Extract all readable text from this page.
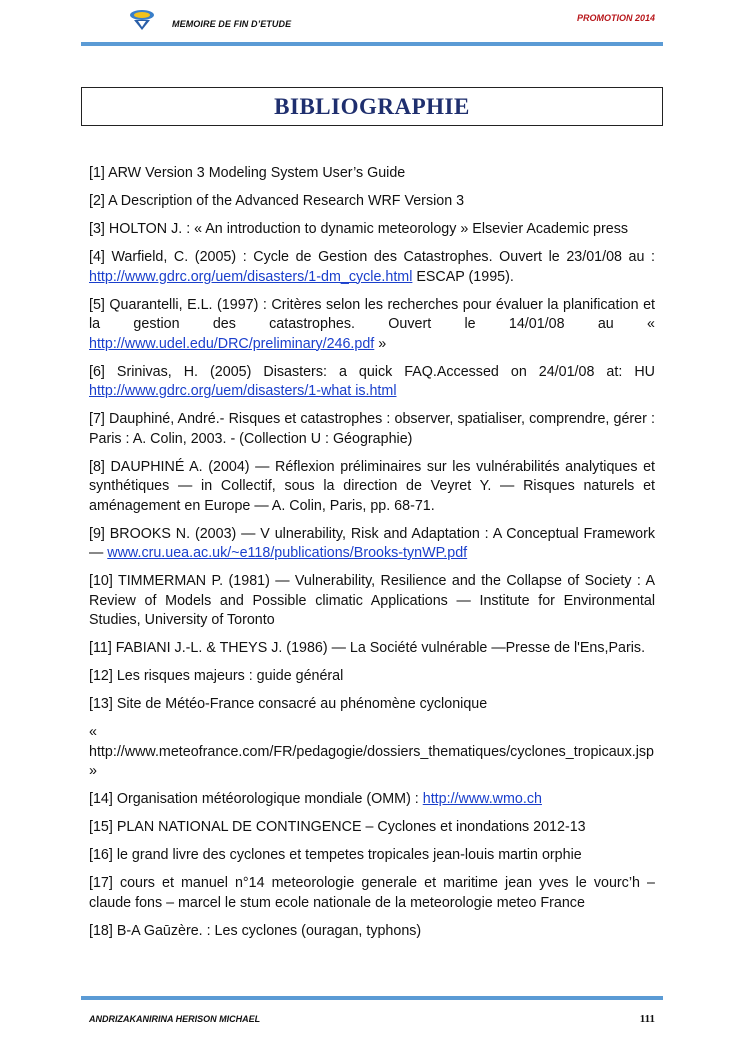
MEMOIRE DE FIN D’ETUDE
PROMOTION 2014
BIBLIOGRAPHIE

[1] ARW Version 3 Modeling System User’s Guide

[2] A Description of the Advanced Research WRF Version 3

[3] HOLTON J. : « An introduction to dynamic meteorology » Elsevier Academic press

[4] Warfield, C. (2005) : Cycle de Gestion des Catastrophes. Ouvert le 23/01/08 au : http://www.gdrc.org/uem/disasters/1-dm_cycle.html ESCAP (1995).

[5] Quarantelli, E.L. (1997) : Critères selon les recherches pour évaluer la planification et la gestion des catastrophes. Ouvert le 14/01/08 au « http://www.udel.edu/DRC/preliminary/246.pdf »

[6] Srinivas, H. (2005) Disasters: a quick FAQ.Accessed on 24/01/08 at: HU http://www.gdrc.org/uem/disasters/1-what is.html

[7] Dauphiné, André.- Risques et catastrophes : observer, spatialiser, comprendre, gérer : Paris : A. Colin, 2003. - (Collection U : Géographie)

[8] DAUPHINÉ A. (2004) — Réflexion préliminaires sur les vulnérabilités analytiques et synthétiques — in Collectif, sous la direction de Veyret Y. — Risques naturels et aménagement en Europe — A. Colin, Paris, pp. 68-71.

[9] BROOKS N. (2003) — V ulnerability, Risk and Adaptation : A Conceptual Framework — www.cru.uea.ac.uk/~e118/publications/Brooks-tynWP.pdf

[10] TIMMERMAN P. (1981) — Vulnerability, Resilience and the Collapse of Society : A Review of Models and Possible climatic Applications — Institute for Environmental Studies, University of Toronto

[11] FABIANI J.-L. & THEYS J. (1986) — La Société vulnérable —Presse de l'Ens,Paris.

[12] Les risques majeurs : guide général

[13] Site de Météo-France consacré au phénomène cyclonique

« http://www.meteofrance.com/FR/pedagogie/dossiers_thematiques/cyclones_tropicaux.jsp »

[14] Organisation météorologique mondiale (OMM) : http://www.wmo.ch

[15] PLAN NATIONAL DE CONTINGENCE – Cyclones et inondations 2012-13

[16] le grand livre des cyclones et tempetes tropicales jean-louis martin orphie

[17] cours et manuel n°14 meteorologie generale et maritime jean yves le vourc’h – claude fons – marcel le stum ecole nationale de la meteorologie meteo France

[18] B-A Gaūzère. : Les cyclones (ouragan, typhons)

ANDRIZAKANIRINA HERISON MICHAEL	111
